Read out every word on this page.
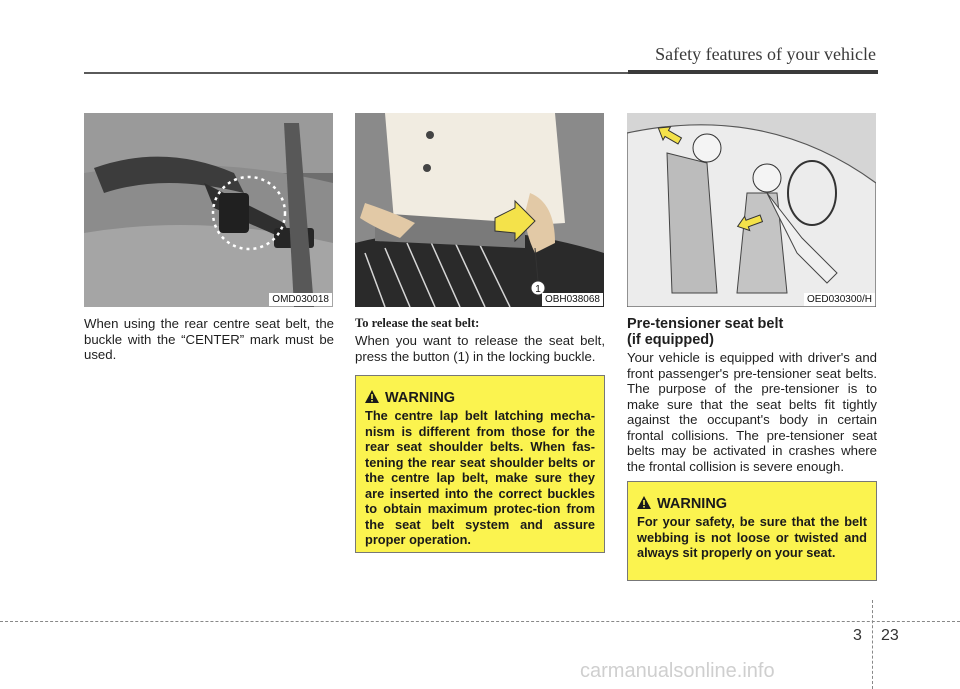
Safety features of your vehicle
OMD030018
1
OBH038068	OED030300/H
When using the rear centre seat belt, the buckle with the “CENTER” mark must be used.
To release the seat belt:
When you want to release the seat belt, press the button (1) in the locking buckle.
WARNING
The centre lap belt latching mecha-nism is different from those for the rear seat shoulder belts. When fas-tening the rear seat shoulder belts or the centre lap belt, make sure they are inserted into the correct buckles to obtain maximum protec-tion from the seat belt system and assure proper operation.
Pre-tensioner seat belt
(if equipped)
Your vehicle is equipped with driver's and front passenger's pre-tensioner seat belts. The purpose of the pre-tensioner is to make sure that the seat belts fit tightly against the occupant's body in certain frontal collisions. The pre-tensioner seat belts may be activated in crashes where the frontal collision is severe enough.
WARNING
For your safety, be sure that the belt webbing is not loose or twisted and always sit properly on your seat.
3 23
carmanualsonline.info
